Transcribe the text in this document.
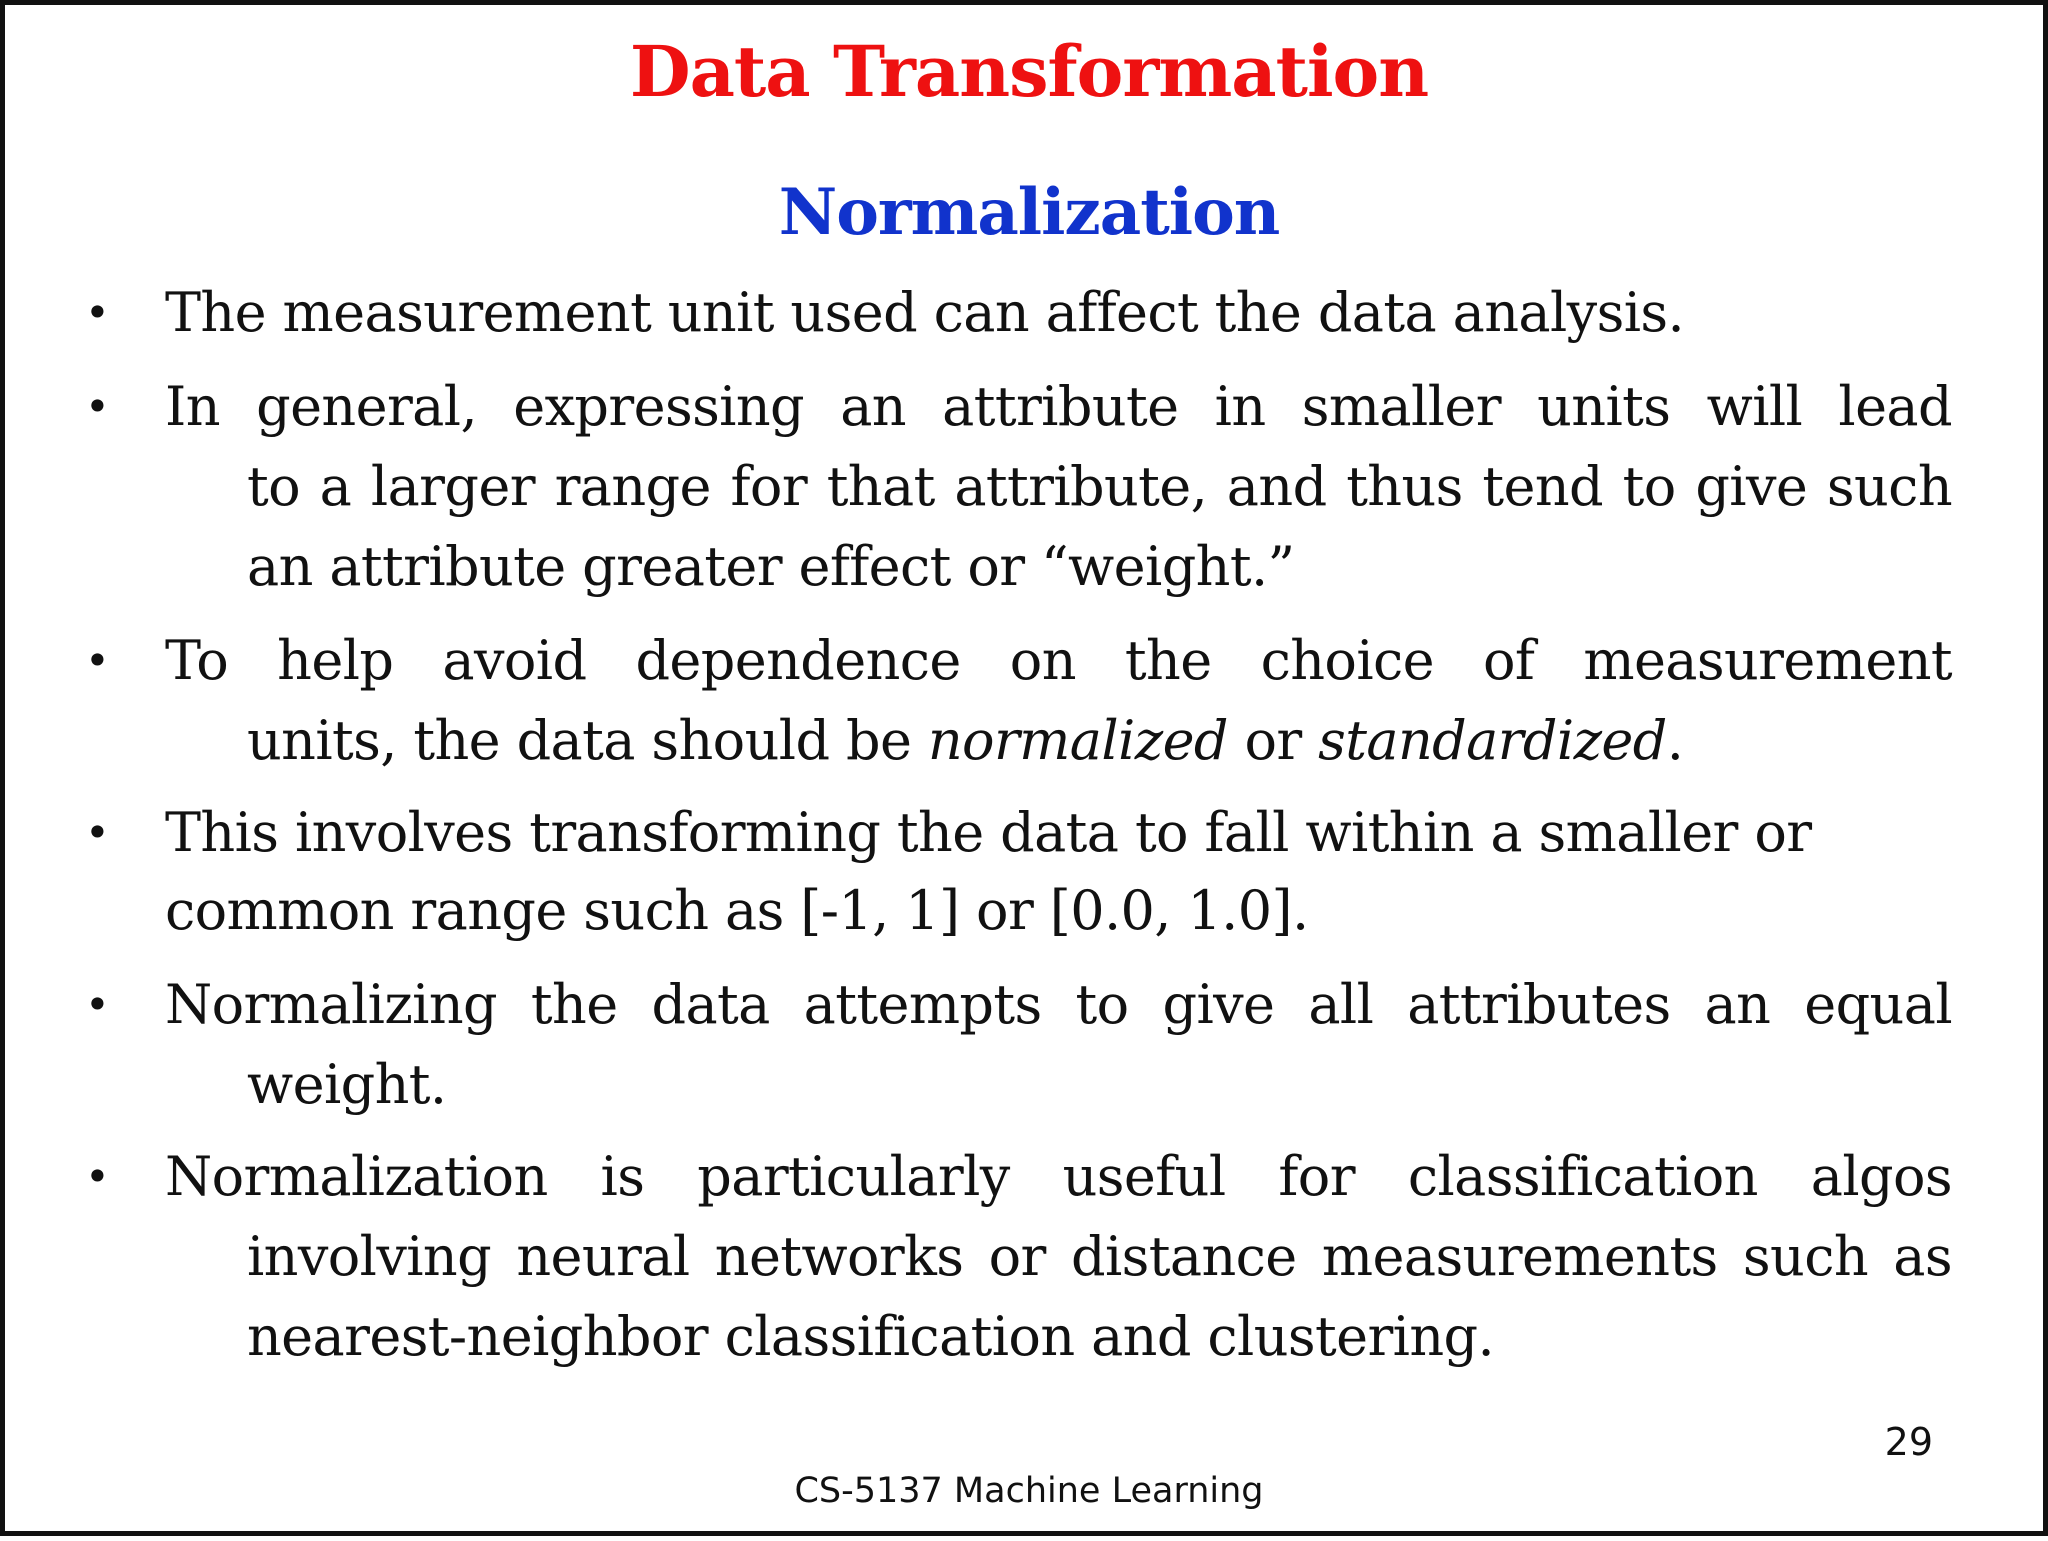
Data Transformation
Normalization
• The measurement unit used can affect the data analysis.
• In general, expressing an attribute in smaller units will lead
to a larger range for that attribute, and thus tend to give such
an attribute greater effect or “weight.”
• To help avoid dependence on the choice of measurement
units, the data should be normalized or standardized.
• This involves transforming the data to fall within a smaller or
common range such as [-1, 1] or [0.0, 1.0].
• Normalizing the data attempts to give all attributes an equal
weight.
• Normalization is particularly useful for classification algos
involving neural networks or distance measurements such as
nearest-neighbor classification and clustering.
29
CS-5137 Machine Learning
